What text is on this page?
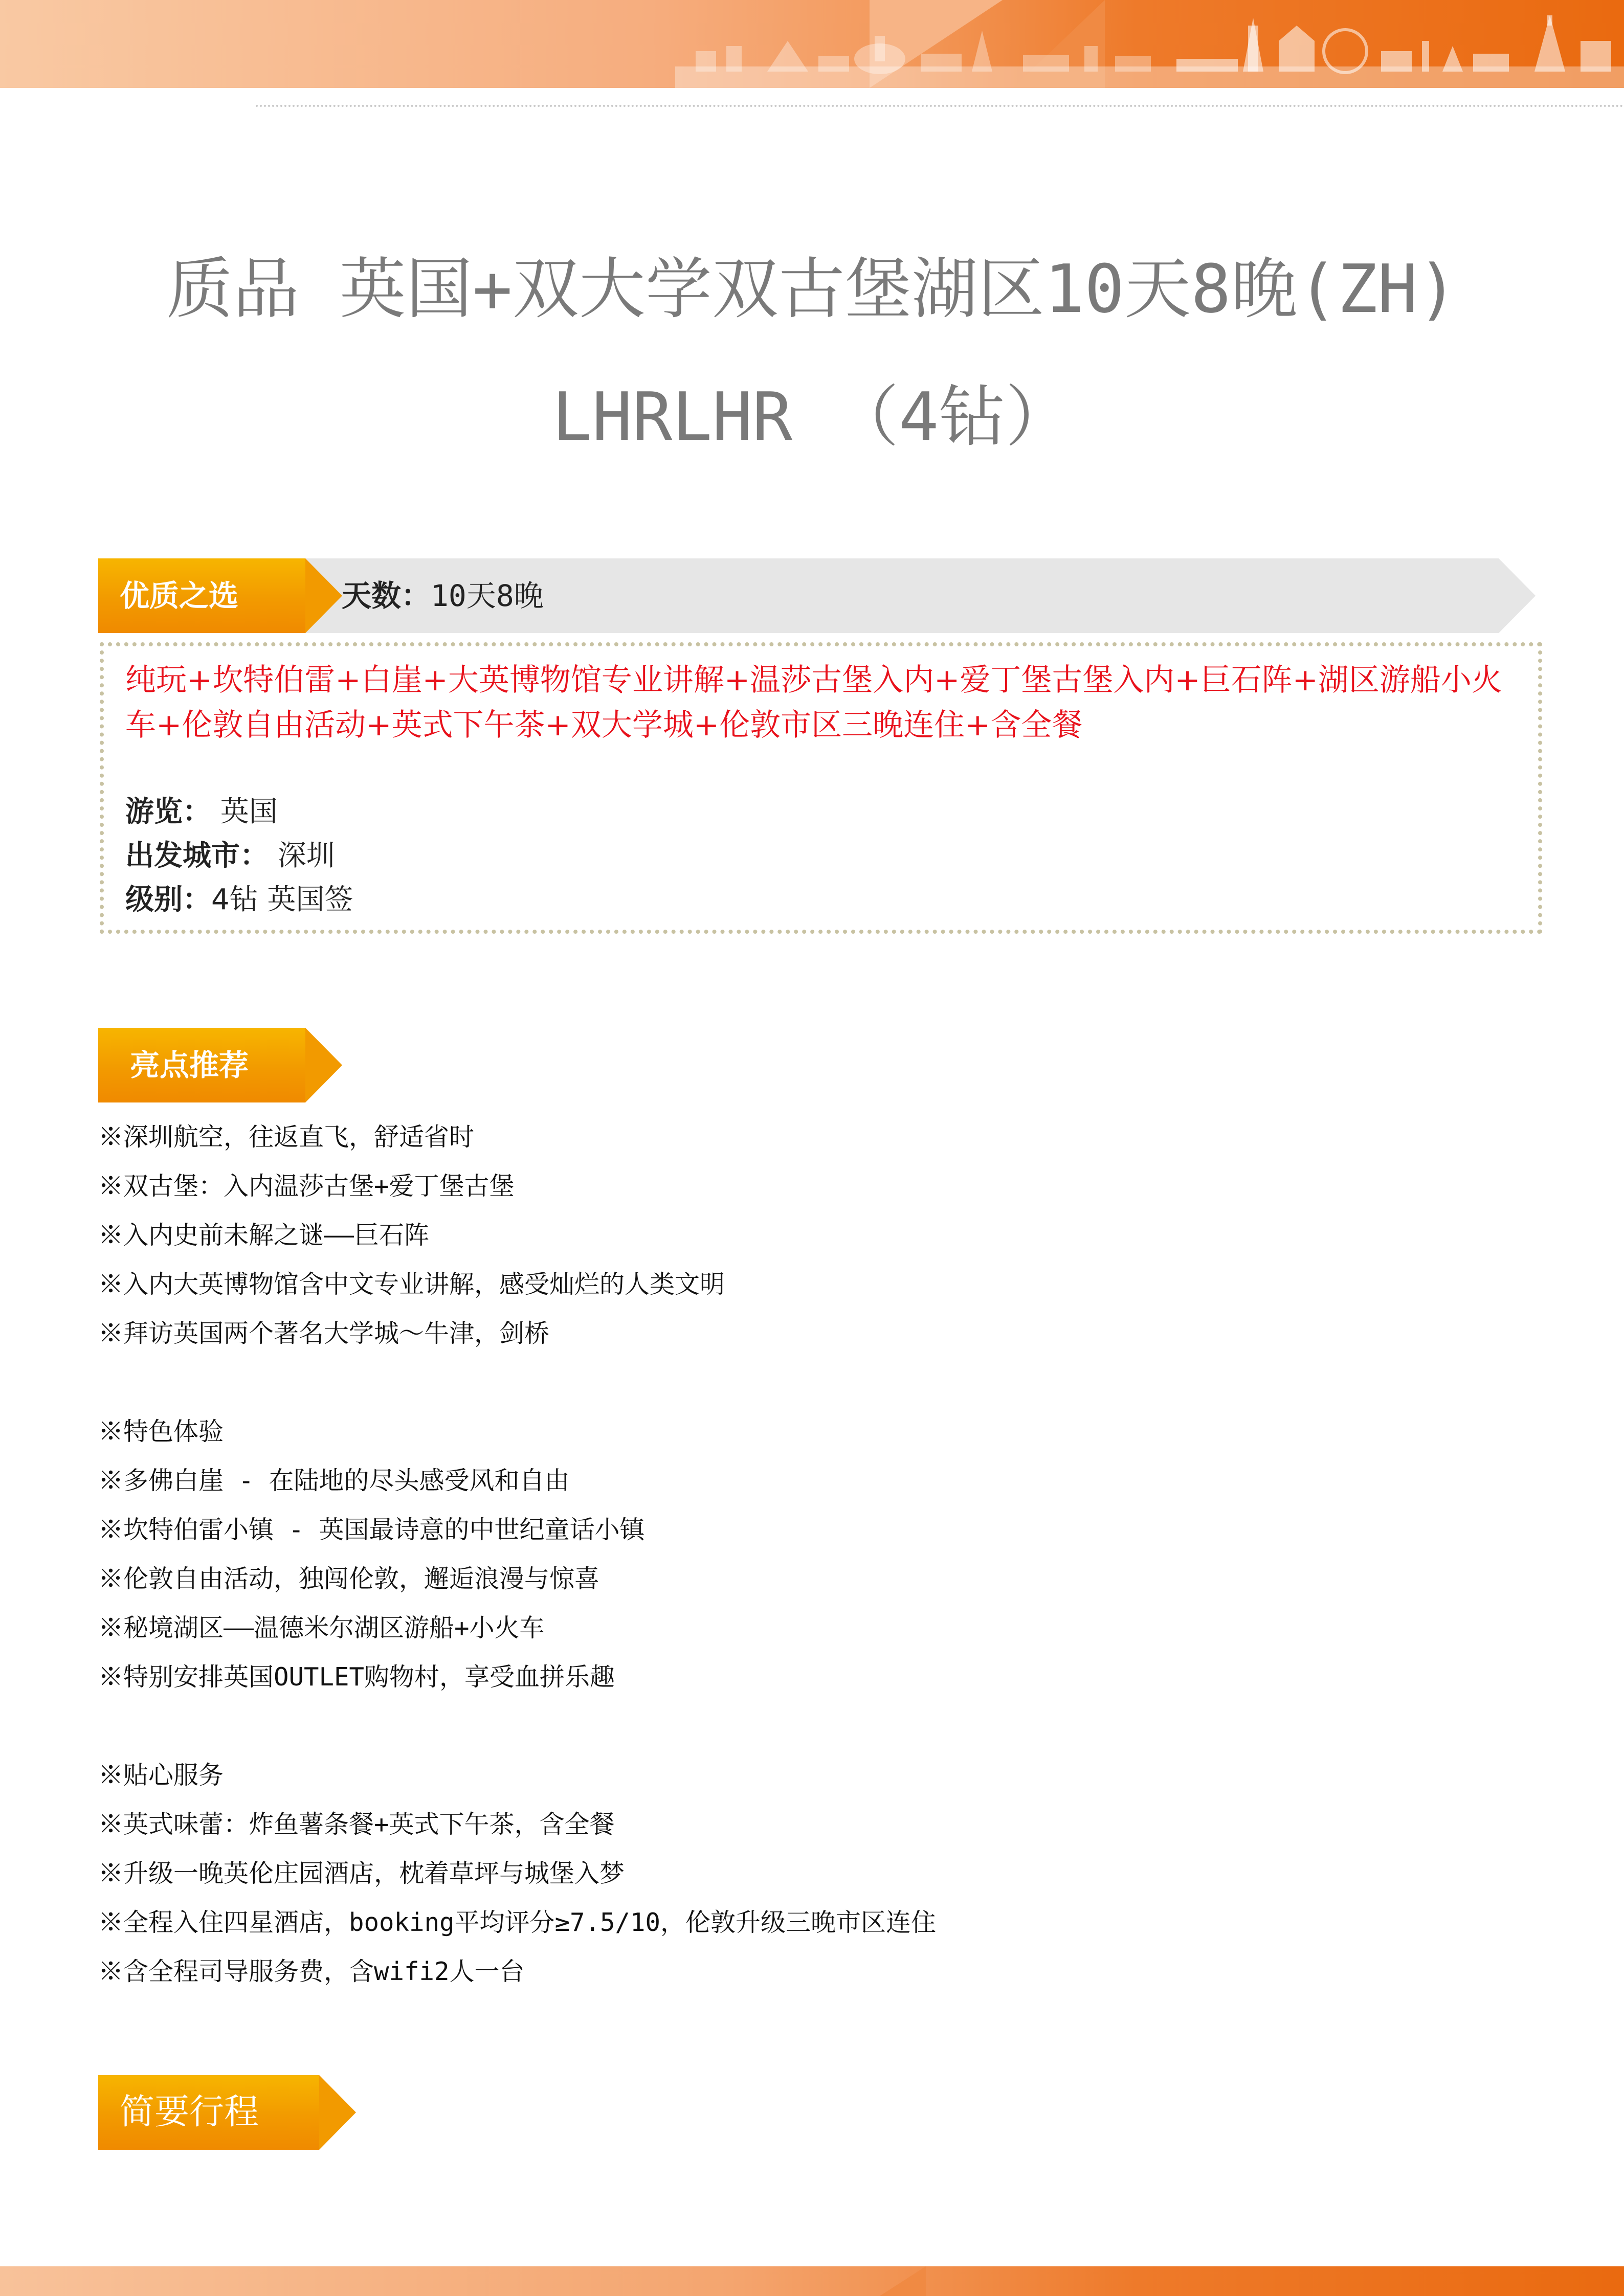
质品 英国+双大学双古堡湖区10天8晚(ZH)
LHRLHR （4钻）
优质之选	天数：10天8晚
纯玩+坎特伯雷+白崖+大英博物馆专业讲解+温莎古堡入内+爱丁堡古堡入内+巨石阵+湖区游船小火车+伦敦自由活动+英式下午茶+双大学城+伦敦市区三晚连住+含全餐
游览： 英国
出发城市： 深圳
级别：4钻 英国签
亮点推荐
※深圳航空，往返直飞，舒适省时
※双古堡：入内温莎古堡+爱丁堡古堡
※入内史前未解之谜——巨石阵
※入内大英博物馆含中文专业讲解，感受灿烂的人类文明
※拜访英国两个著名大学城～牛津，剑桥
※特色体验
※多佛白崖 - 在陆地的尽头感受风和自由
※坎特伯雷小镇 - 英国最诗意的中世纪童话小镇
※伦敦自由活动，独闯伦敦，邂逅浪漫与惊喜
※秘境湖区——温德米尔湖区游船+小火车
※特别安排英国OUTLET购物村，享受血拼乐趣
※贴心服务
※英式味蕾：炸鱼薯条餐+英式下午茶，含全餐
※升级一晚英伦庄园酒店，枕着草坪与城堡入梦
※全程入住四星酒店，booking平均评分≥7.5/10，伦敦升级三晚市区连住
※含全程司导服务费，含wifi2人一台
简要行程
